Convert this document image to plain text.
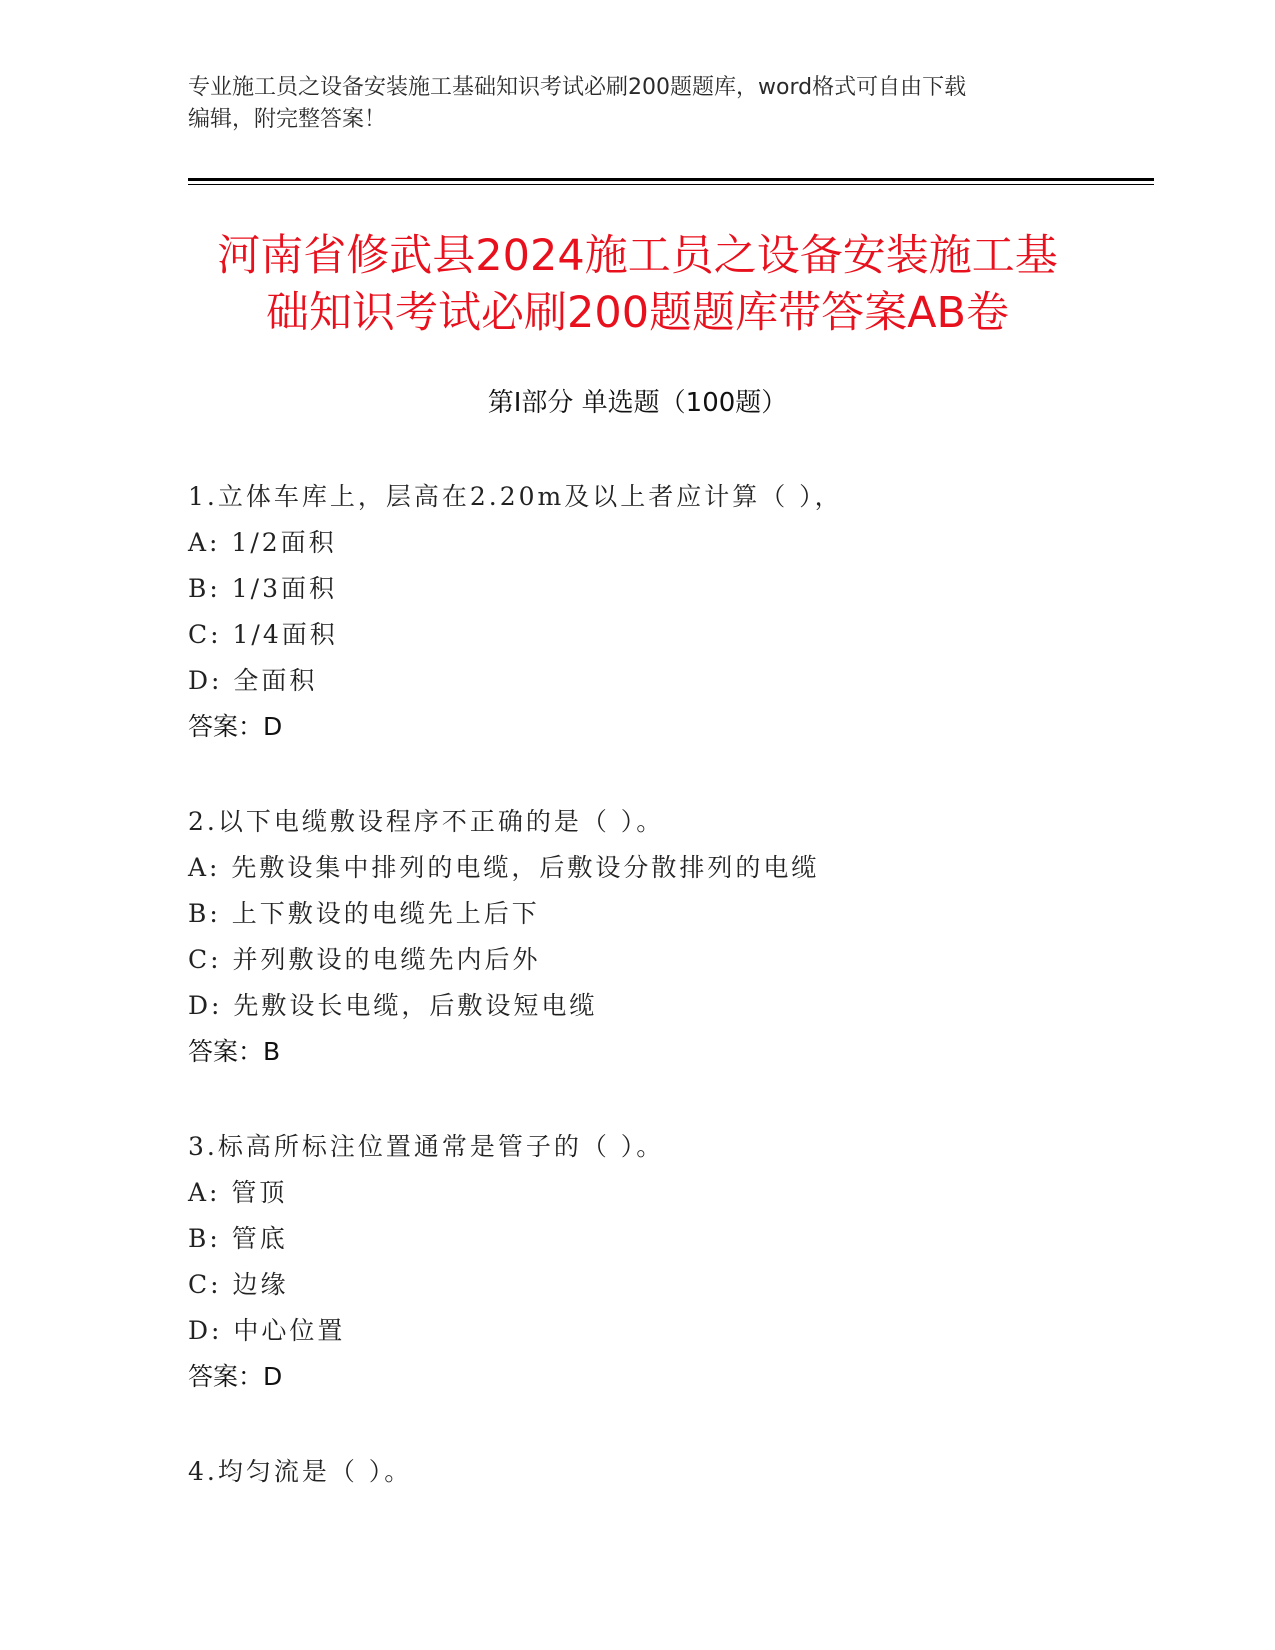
专业施工员之设备安装施工基础知识考试必刷200题题库，word格式可自由下载
编辑，附完整答案！
河南省修武县2024施工员之设备安装施工基
础知识考试必刷200题题库带答案AB卷
第Ⅰ部分 单选题（100题）
1.立体车库上，层高在2.20m及以上者应计算（ ），
A: 1/2面积
B: 1/3面积
C: 1/4面积
D: 全面积
答案：D
2.以下电缆敷设程序不正确的是（ ）。
A: 先敷设集中排列的电缆，后敷设分散排列的电缆
B: 上下敷设的电缆先上后下
C: 并列敷设的电缆先内后外
D: 先敷设长电缆，后敷设短电缆
答案：B
3.标高所标注位置通常是管子的（ ）。
A: 管顶
B: 管底
C: 边缘
D: 中心位置
答案：D
4.均匀流是（ ）。
